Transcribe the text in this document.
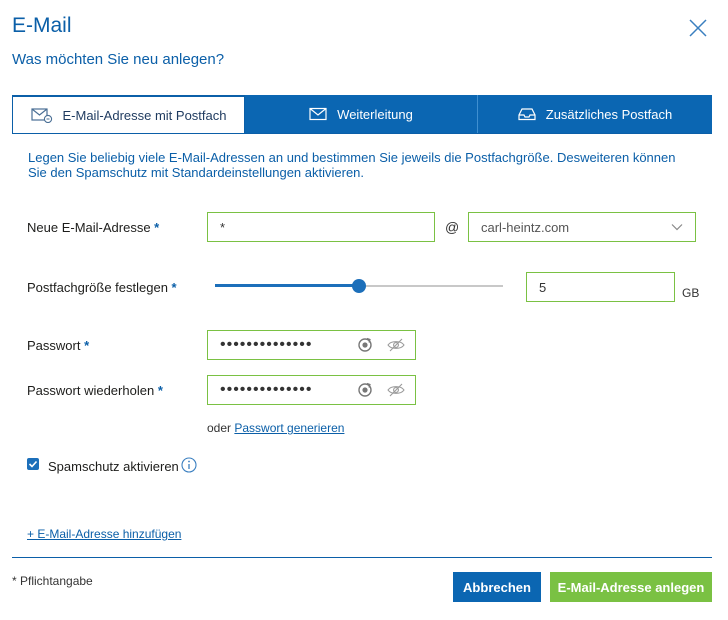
E-Mail
Was möchten Sie neu anlegen?
E-Mail-Adresse mit Postfach	Weiterleitung	Zusätzliches Postfach
Legen Sie beliebig viele E-Mail-Adressen an und bestimmen Sie jeweils die Postfachgröße. Desweiteren können Sie den Spamschutz mit Standardeinstellungen aktivieren.
Neue E-Mail-Adresse *	*	@ carl-heintz.com
Postfachgröße festlegen *	5	GB
Passwort *	••••••••••••••
Passwort wiederholen *	••••••••••••••
oder Passwort generieren
Spamschutz aktivieren
+ E-Mail-Adresse hinzufügen
* Pflichtangabe	Abbrechen	E-Mail-Adresse anlegen
